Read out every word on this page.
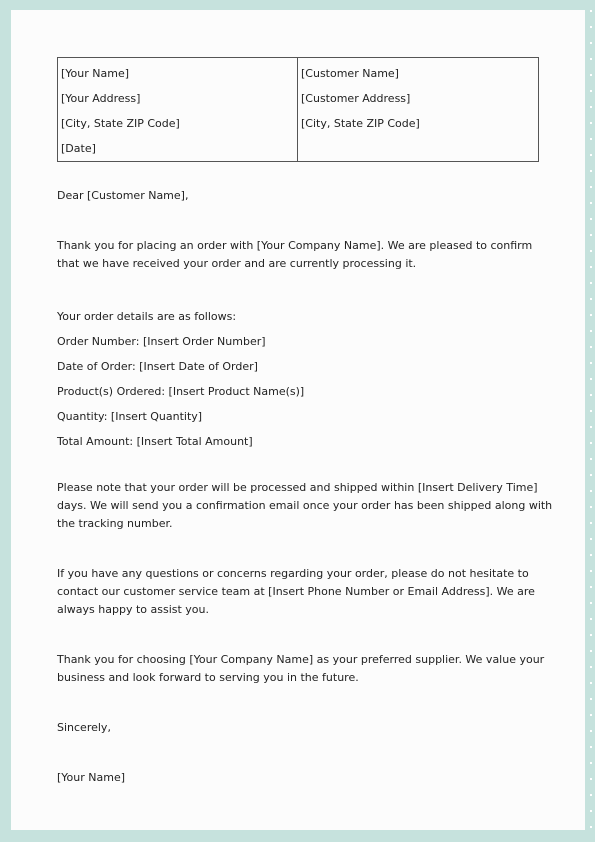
[Your Name]
[Your Address]
[City, State ZIP Code]
[Date]
[Customer Name]
[Customer Address]
[City, State ZIP Code]
Dear [Customer Name],
Thank you for placing an order with [Your Company Name]. We are pleased to confirm
that we have received your order and are currently processing it.
Your order details are as follows:
Order Number: [Insert Order Number]
Date of Order: [Insert Date of Order]
Product(s) Ordered: [Insert Product Name(s)]
Quantity: [Insert Quantity]
Total Amount: [Insert Total Amount]
Please note that your order will be processed and shipped within [Insert Delivery Time]
days. We will send you a confirmation email once your order has been shipped along with
the tracking number.
If you have any questions or concerns regarding your order, please do not hesitate to
contact our customer service team at [Insert Phone Number or Email Address]. We are
always happy to assist you.
Thank you for choosing [Your Company Name] as your preferred supplier. We value your
business and look forward to serving you in the future.
Sincerely,
[Your Name]
